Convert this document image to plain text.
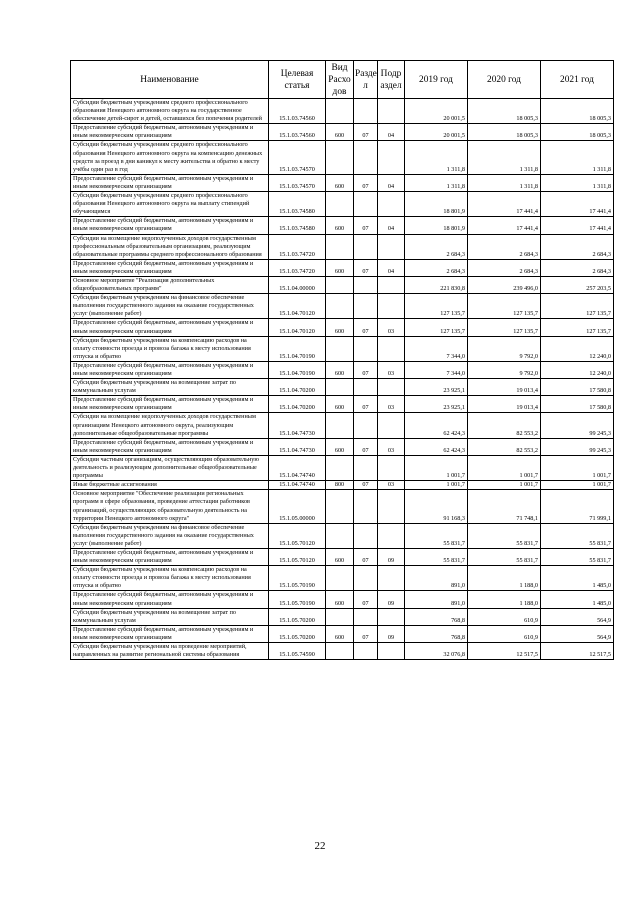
Наименование	Целевая статья	Вид Расхо дов	Разде л	Подр аздел	2019 год	2020 год	2021 год
Субсидии бюджетным учреждениям среднего профессионального образования Ненецкого автономного округа на государственное обеспечение детей-сирот и детей, оставшихся без попечения родителей	15.1.03.74560				20 001,5	18 005,3	18 005,3
Предоставление субсидий бюджетным, автономным учреждениям и иным некоммерческим организациям	15.1.03.74560	600	07	04	20 001,5	18 005,3	18 005,3
Субсидии бюджетным учреждениям среднего профессионального образования Ненецкого автономного округа на компенсацию денежных средств за проезд в дни каникул к месту жительства и обратно к месту учёбы один раз в год	15.1.03.74570				1 311,8	1 311,8	1 311,8
Предоставление субсидий бюджетным, автономным учреждениям и иным некоммерческим организациям	15.1.03.74570	600	07	04	1 311,8	1 311,8	1 311,8
Субсидии бюджетным учреждениям среднего профессионального образования Ненецкого автономного округа на выплату стипендий обучающимся	15.1.03.74580				18 801,9	17 441,4	17 441,4
Предоставление субсидий бюджетным, автономным учреждениям и иным некоммерческим организациям	15.1.03.74580	600	07	04	18 801,9	17 441,4	17 441,4
Субсидии на возмещение недополученных доходов государственным профессиональным образовательным организациям, реализующим образовательные программы среднего профессионального образования	15.1.03.74720				2 684,3	2 684,3	2 684,3
Предоставление субсидий бюджетным, автономным учреждениям и иным некоммерческим организациям	15.1.03.74720	600	07	04	2 684,3	2 684,3	2 684,3
Основное мероприятие "Реализация дополнительных общеобразовательных программ"	15.1.04.00000				221 830,8	239 496,0	257 203,5
Субсидии бюджетным учреждениям на финансовое обеспечение выполнения государственного задания на оказание государственных услуг (выполнение работ)	15.1.04.70120				127 135,7	127 135,7	127 135,7
Предоставление субсидий бюджетным, автономным учреждениям и иным некоммерческим организациям	15.1.04.70120	600	07	03	127 135,7	127 135,7	127 135,7
Субсидии бюджетным учреждениям на компенсацию расходов на оплату стоимости проезда и провоза багажа к месту использования отпуска и обратно	15.1.04.70190				7 344,0	9 792,0	12 240,0
Предоставление субсидий бюджетным, автономным учреждениям и иным некоммерческим организациям	15.1.04.70190	600	07	03	7 344,0	9 792,0	12 240,0
Субсидии бюджетным учреждениям на возмещение затрат по коммунальным услугам	15.1.04.70200				23 925,1	19 013,4	17 580,8
Предоставление субсидий бюджетным, автономным учреждениям и иным некоммерческим организациям	15.1.04.70200	600	07	03	23 925,1	19 013,4	17 580,8
Субсидии на возмещение недополученных доходов государственным организациям Ненецкого автономного округа, реализующим дополнительные общеобразовательные программы	15.1.04.74730				62 424,3	82 553,2	99 245,3
Предоставление субсидий бюджетным, автономным учреждениям и иным некоммерческим организациям	15.1.04.74730	600	07	03	62 424,3	82 553,2	99 245,3
Субсидии частным организациям, осуществляющим образовательную деятельность и реализующим дополнительные общеобразовательные программы	15.1.04.74740				1 001,7	1 001,7	1 001,7
Иные бюджетные ассигнования	15.1.04.74740	800	07	03	1 001,7	1 001,7	1 001,7
Основное мероприятие "Обеспечение реализации региональных программ в сфере образования, проведение аттестации работников организаций, осуществляющих образовательную деятельность на территории Ненецкого автономного округа"	15.1.05.00000				91 168,3	71 748,1	71 999,1
Субсидии бюджетным учреждениям на финансовое обеспечение выполнения государственного задания на оказание государственных услуг (выполнение работ)	15.1.05.70120				55 831,7	55 831,7	55 831,7
Предоставление субсидий бюджетным, автономным учреждениям и иным некоммерческим организациям	15.1.05.70120	600	07	09	55 831,7	55 831,7	55 831,7
Субсидии бюджетным учреждениям на компенсацию расходов на оплату стоимости проезда и провоза багажа к месту использования отпуска и обратно	15.1.05.70190				891,0	1 188,0	1 485,0
Предоставление субсидий бюджетным, автономным учреждениям и иным некоммерческим организациям	15.1.05.70190	600	07	09	891,0	1 188,0	1 485,0
Субсидии бюджетным учреждениям на возмещение затрат по коммунальным услугам	15.1.05.70200				768,8	610,9	564,9
Предоставление субсидий бюджетным, автономным учреждениям и иным некоммерческим организациям	15.1.05.70200	600	07	09	768,8	610,9	564,9
Субсидии бюджетным учреждениям на проведение мероприятий, направленных на развитие региональной системы образования	15.1.05.74590				32 076,8	12 517,5	12 517,5
22
